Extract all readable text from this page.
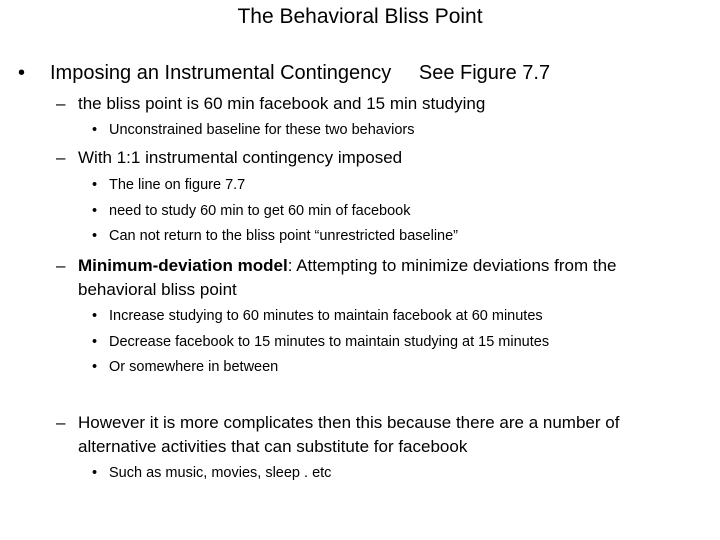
The Behavioral Bliss Point
• Imposing an Instrumental Contingency See Figure 7.7
– the bliss point is 60 min facebook and 15 min studying
• Unconstrained baseline for these two behaviors
– With 1:1 instrumental contingency imposed
• The line on figure 7.7
• need to study 60 min to get 60 min of facebook
• Can not return to the bliss point “unrestricted baseline”
– Minimum-deviation model: Attempting to minimize deviations from the
behavioral bliss point
• Increase studying to 60 minutes to maintain facebook at 60 minutes
• Decrease facebook to 15 minutes to maintain studying at 15 minutes
• Or somewhere in between
– However it is more complicates then this because there are a number of
alternative activities that can substitute for facebook
• Such as music, movies, sleep . etc
